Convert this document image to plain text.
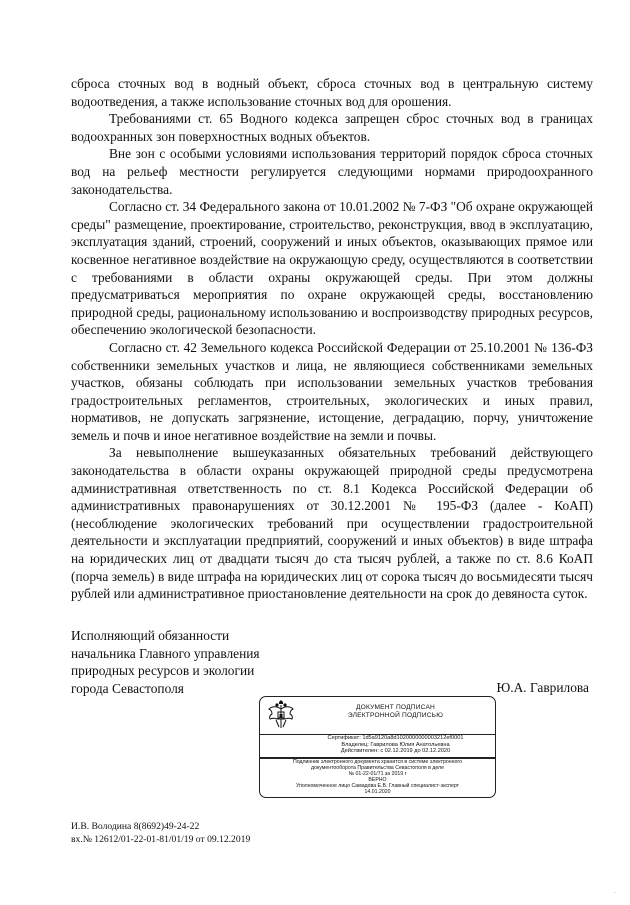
сброса сточных вод в водный объект, сброса сточных вод в центральную систему водоотведения, а также использование сточных вод для орошения.

Требованиями ст. 65 Водного кодекса запрещен сброс сточных вод в границах водоохранных зон поверхностных водных объектов.

Вне зон с особыми условиями использования территорий порядок сброса сточных вод на рельеф местности регулируется следующими нормами природоохранного законодательства.

Согласно ст. 34 Федерального закона от 10.01.2002 № 7-ФЗ "Об охране окружающей среды" размещение, проектирование, строительство, реконструкция, ввод в эксплуатацию, эксплуатация зданий, строений, сооружений и иных объектов, оказывающих прямое или косвенное негативное воздействие на окружающую среду, осуществляются в соответствии с требованиями в области охраны окружающей среды. При этом должны предусматриваться мероприятия по охране окружающей среды, восстановлению природной среды, рациональному использованию и воспроизводству природных ресурсов, обеспечению экологической безопасности.

Согласно ст. 42 Земельного кодекса Российской Федерации от 25.10.2001 № 136-ФЗ собственники земельных участков и лица, не являющиеся собственниками земельных участков, обязаны соблюдать при использовании земельных участков требования градостроительных регламентов, строительных, экологических и иных правил, нормативов, не допускать загрязнение, истощение, деградацию, порчу, уничтожение земель и почв и иное негативное воздействие на земли и почвы.

За невыполнение вышеуказанных обязательных требований действующего законодательства в области охраны окружающей природной среды предусмотрена административная ответственность по ст. 8.1 Кодекса Российской Федерации об административных правонарушениях от 30.12.2001 № 195-ФЗ (далее - КоАП) (несоблюдение экологических требований при осуществлении градостроительной деятельности и эксплуатации предприятий, сооружений и иных объектов) в виде штрафа на юридических лиц от двадцати тысяч до ста тысяч рублей, а также по ст. 8.6 КоАП (порча земель) в виде штрафа на юридических лиц от сорока тысяч до восьмидесяти тысяч рублей или административное приостановление деятельности на срок до девяноста суток.

Исполняющий обязанности
начальника Главного управления
природных ресурсов и экологии
города Севастополя	Ю.А. Гаврилова
ДОКУМЕНТ ПОДПИСАН
ЭЛЕКТРОННОЙ ПОДПИСЬЮ
Сертификат: 1d5a9120a8d1020000000003212ef0001
Владелец: Гаврилова Юлия Анатольевна
Действителен: с 02.12.2019 до 02.12.2020
Подлинник электронного документа хранится в системе электронного
документооборота Правительства Севастополя в деле
№ 01-22-01/71 за 2019 г
ВЕРНО
Уполномоченное лицо Самадова Е.В. Главный специалист-эксперт
14.01.2020
И.В. Володина 8(8692)49-24-22
вх.№ 12612/01-22-01-81/01/19 от 09.12.2019
·
